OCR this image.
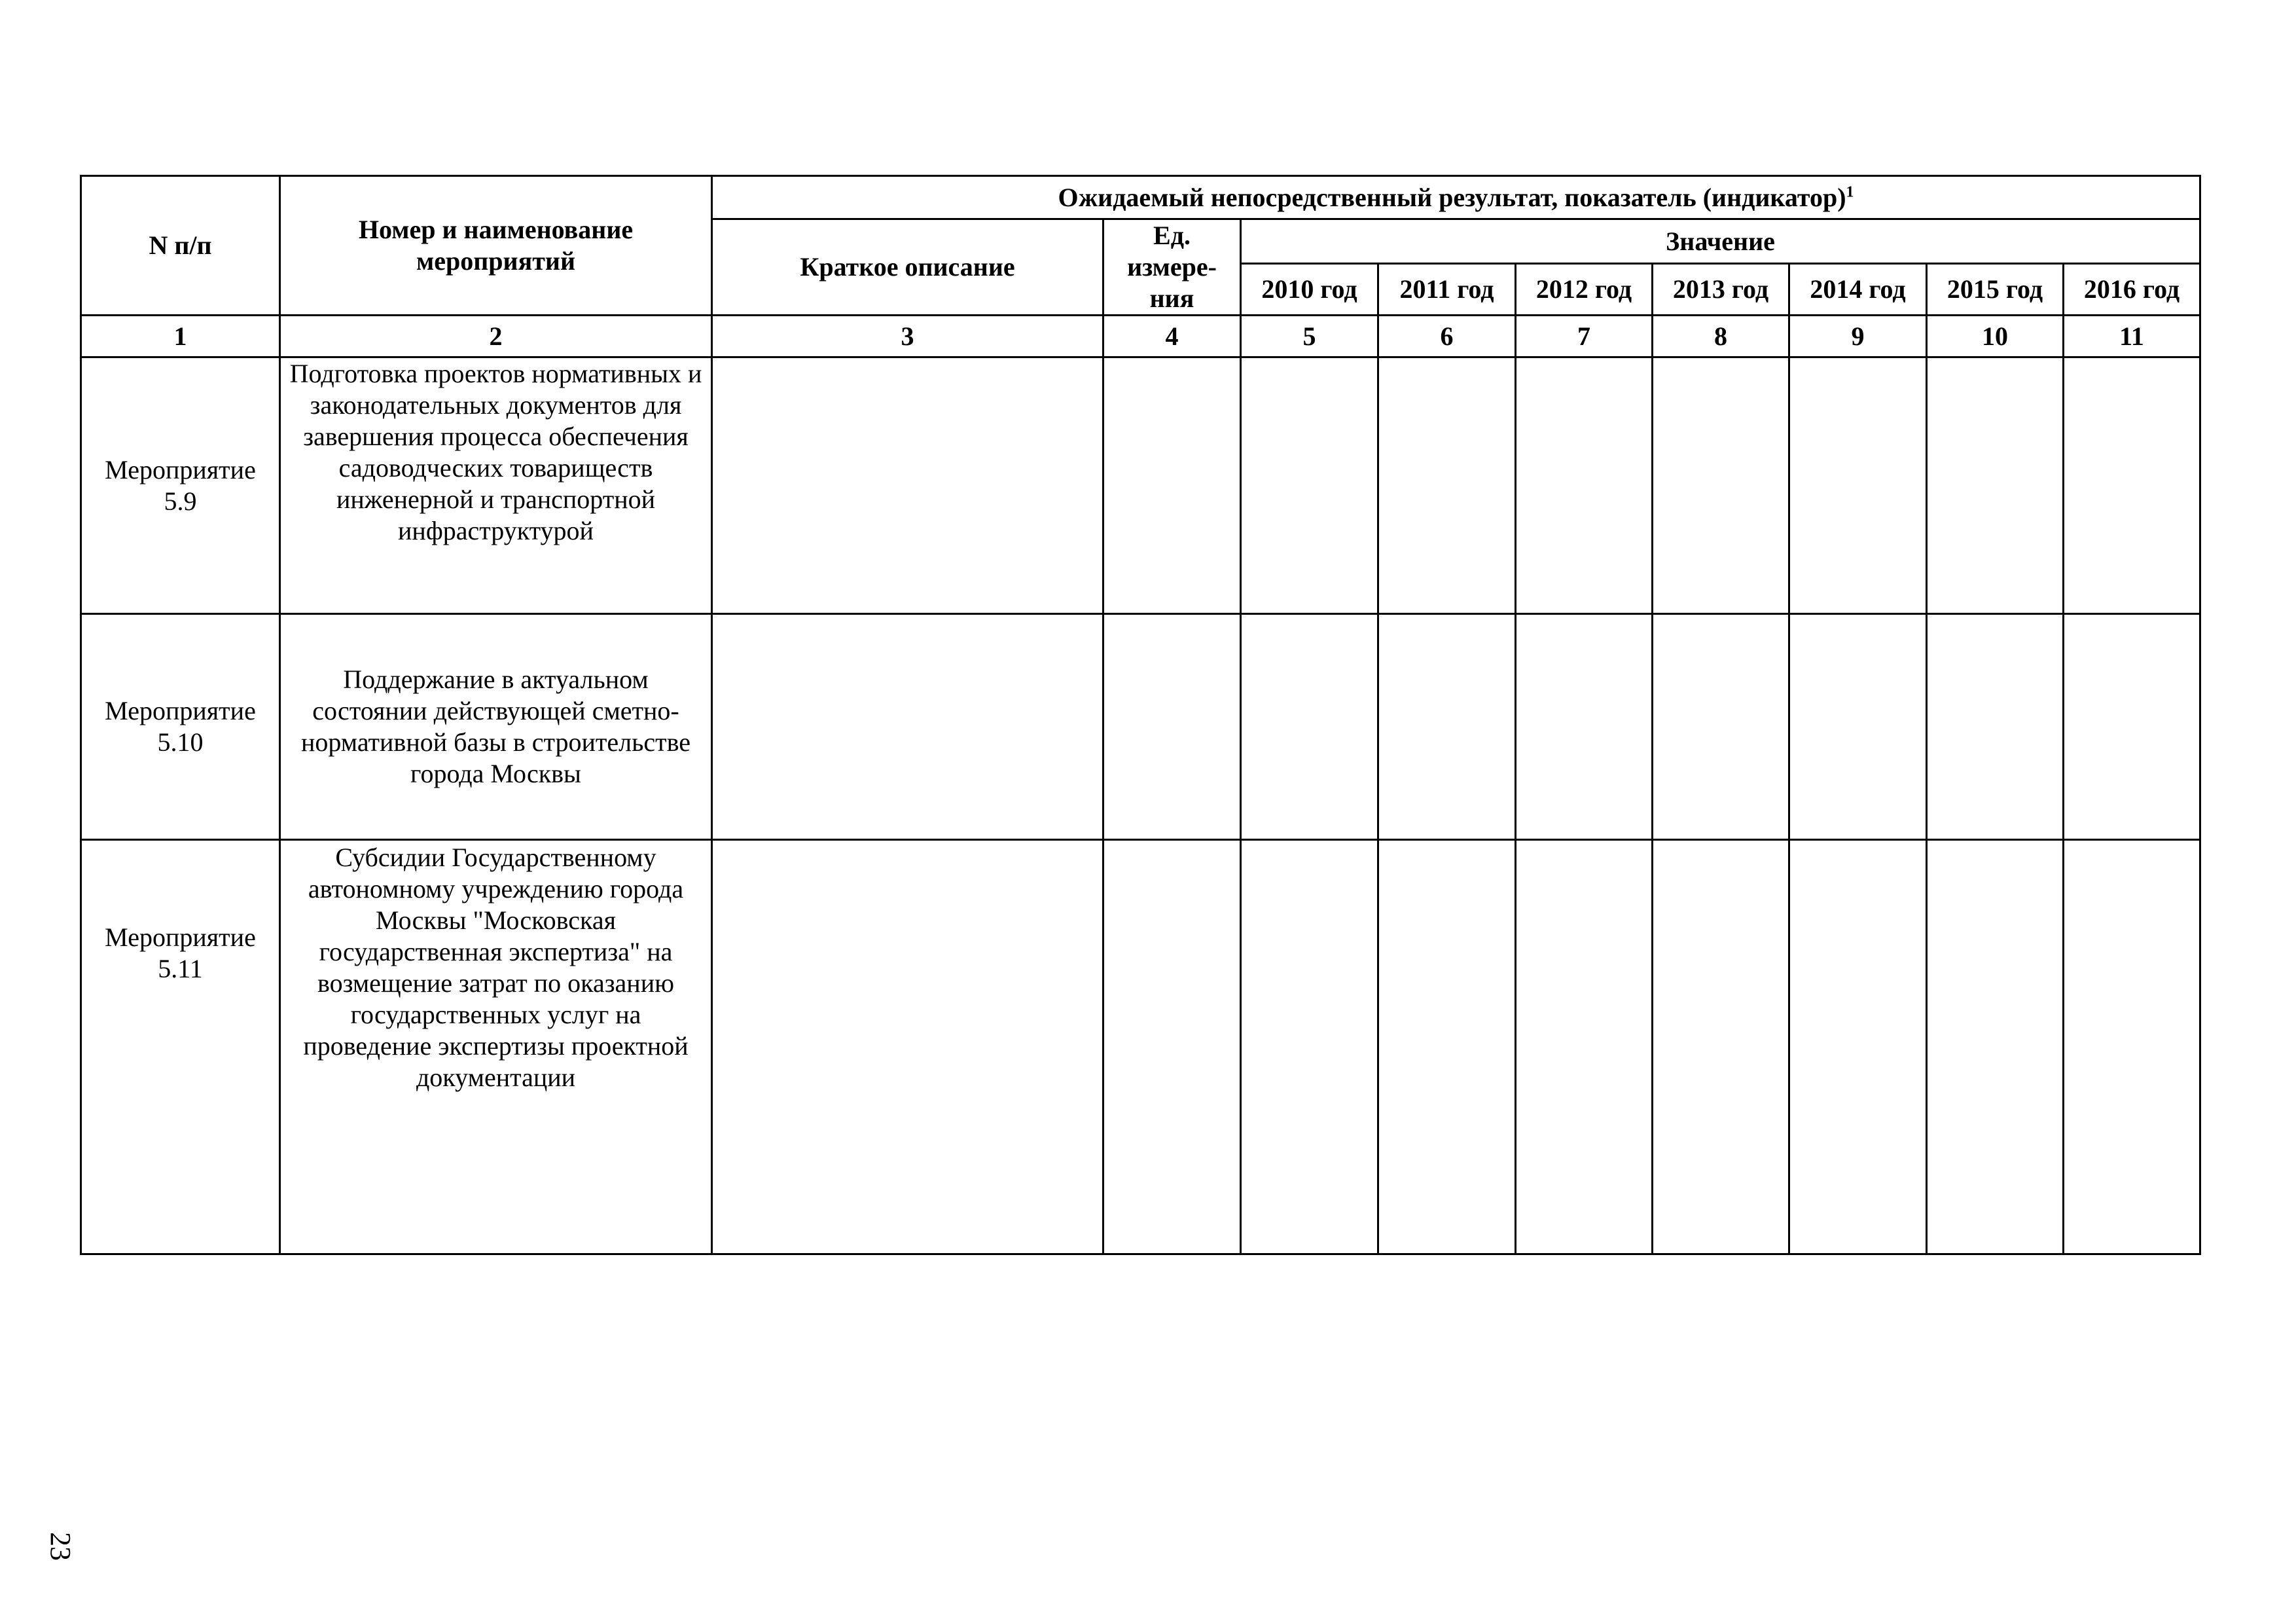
N п/п	Номер и наименование мероприятий	Ожидаемый непосредственный результат, показатель (индикатор)$^1$
		Краткое описание	Ед. измере-ния	Значение						
				2010 год	2011 год	2012 год	2013 год	2014 год	2015 год	2016 год
1	2	3	4	5	6	7	8	9	10	11

Мероприятие 5.9	Подготовка проектов нормативных и законодательных документов для завершения процесса обеспечения садоводческих товариществ инженерной и транспортной инфраструктурой									

Мероприятие 5.10	Поддержание в актуальном состоянии действующей сметно-нормативной базы в строительстве города Москвы									

Мероприятие 5.11	Субсидии Государственному автономному учреждению города Москвы "Московская государственная экспертиза" на возмещение затрат по оказанию государственных услуг на проведение экспертизы проектной документации									
23
